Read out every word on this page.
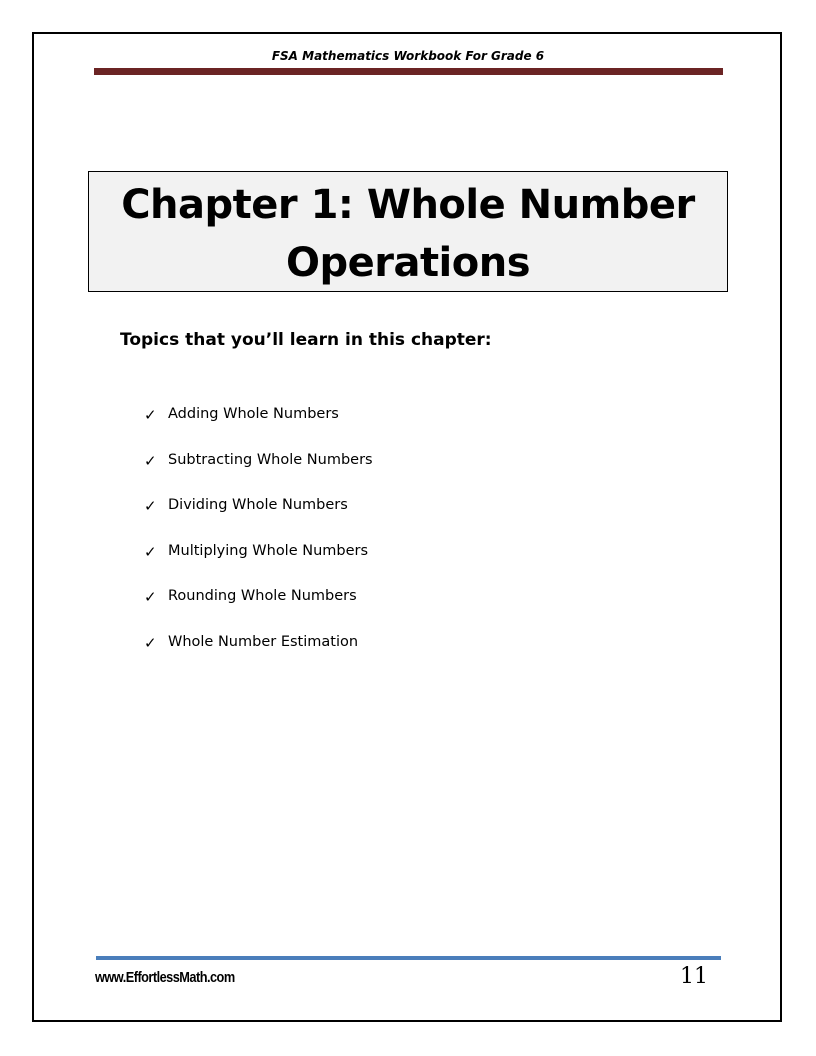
FSA Mathematics Workbook For Grade 6
Chapter 1: Whole Number
Operations
Topics that you’ll learn in this chapter:
✓ Adding Whole Numbers
✓ Subtracting Whole Numbers
✓ Dividing Whole Numbers
✓ Multiplying Whole Numbers
✓ Rounding Whole Numbers
✓ Whole Number Estimation
www.EffortlessMath.com	11
